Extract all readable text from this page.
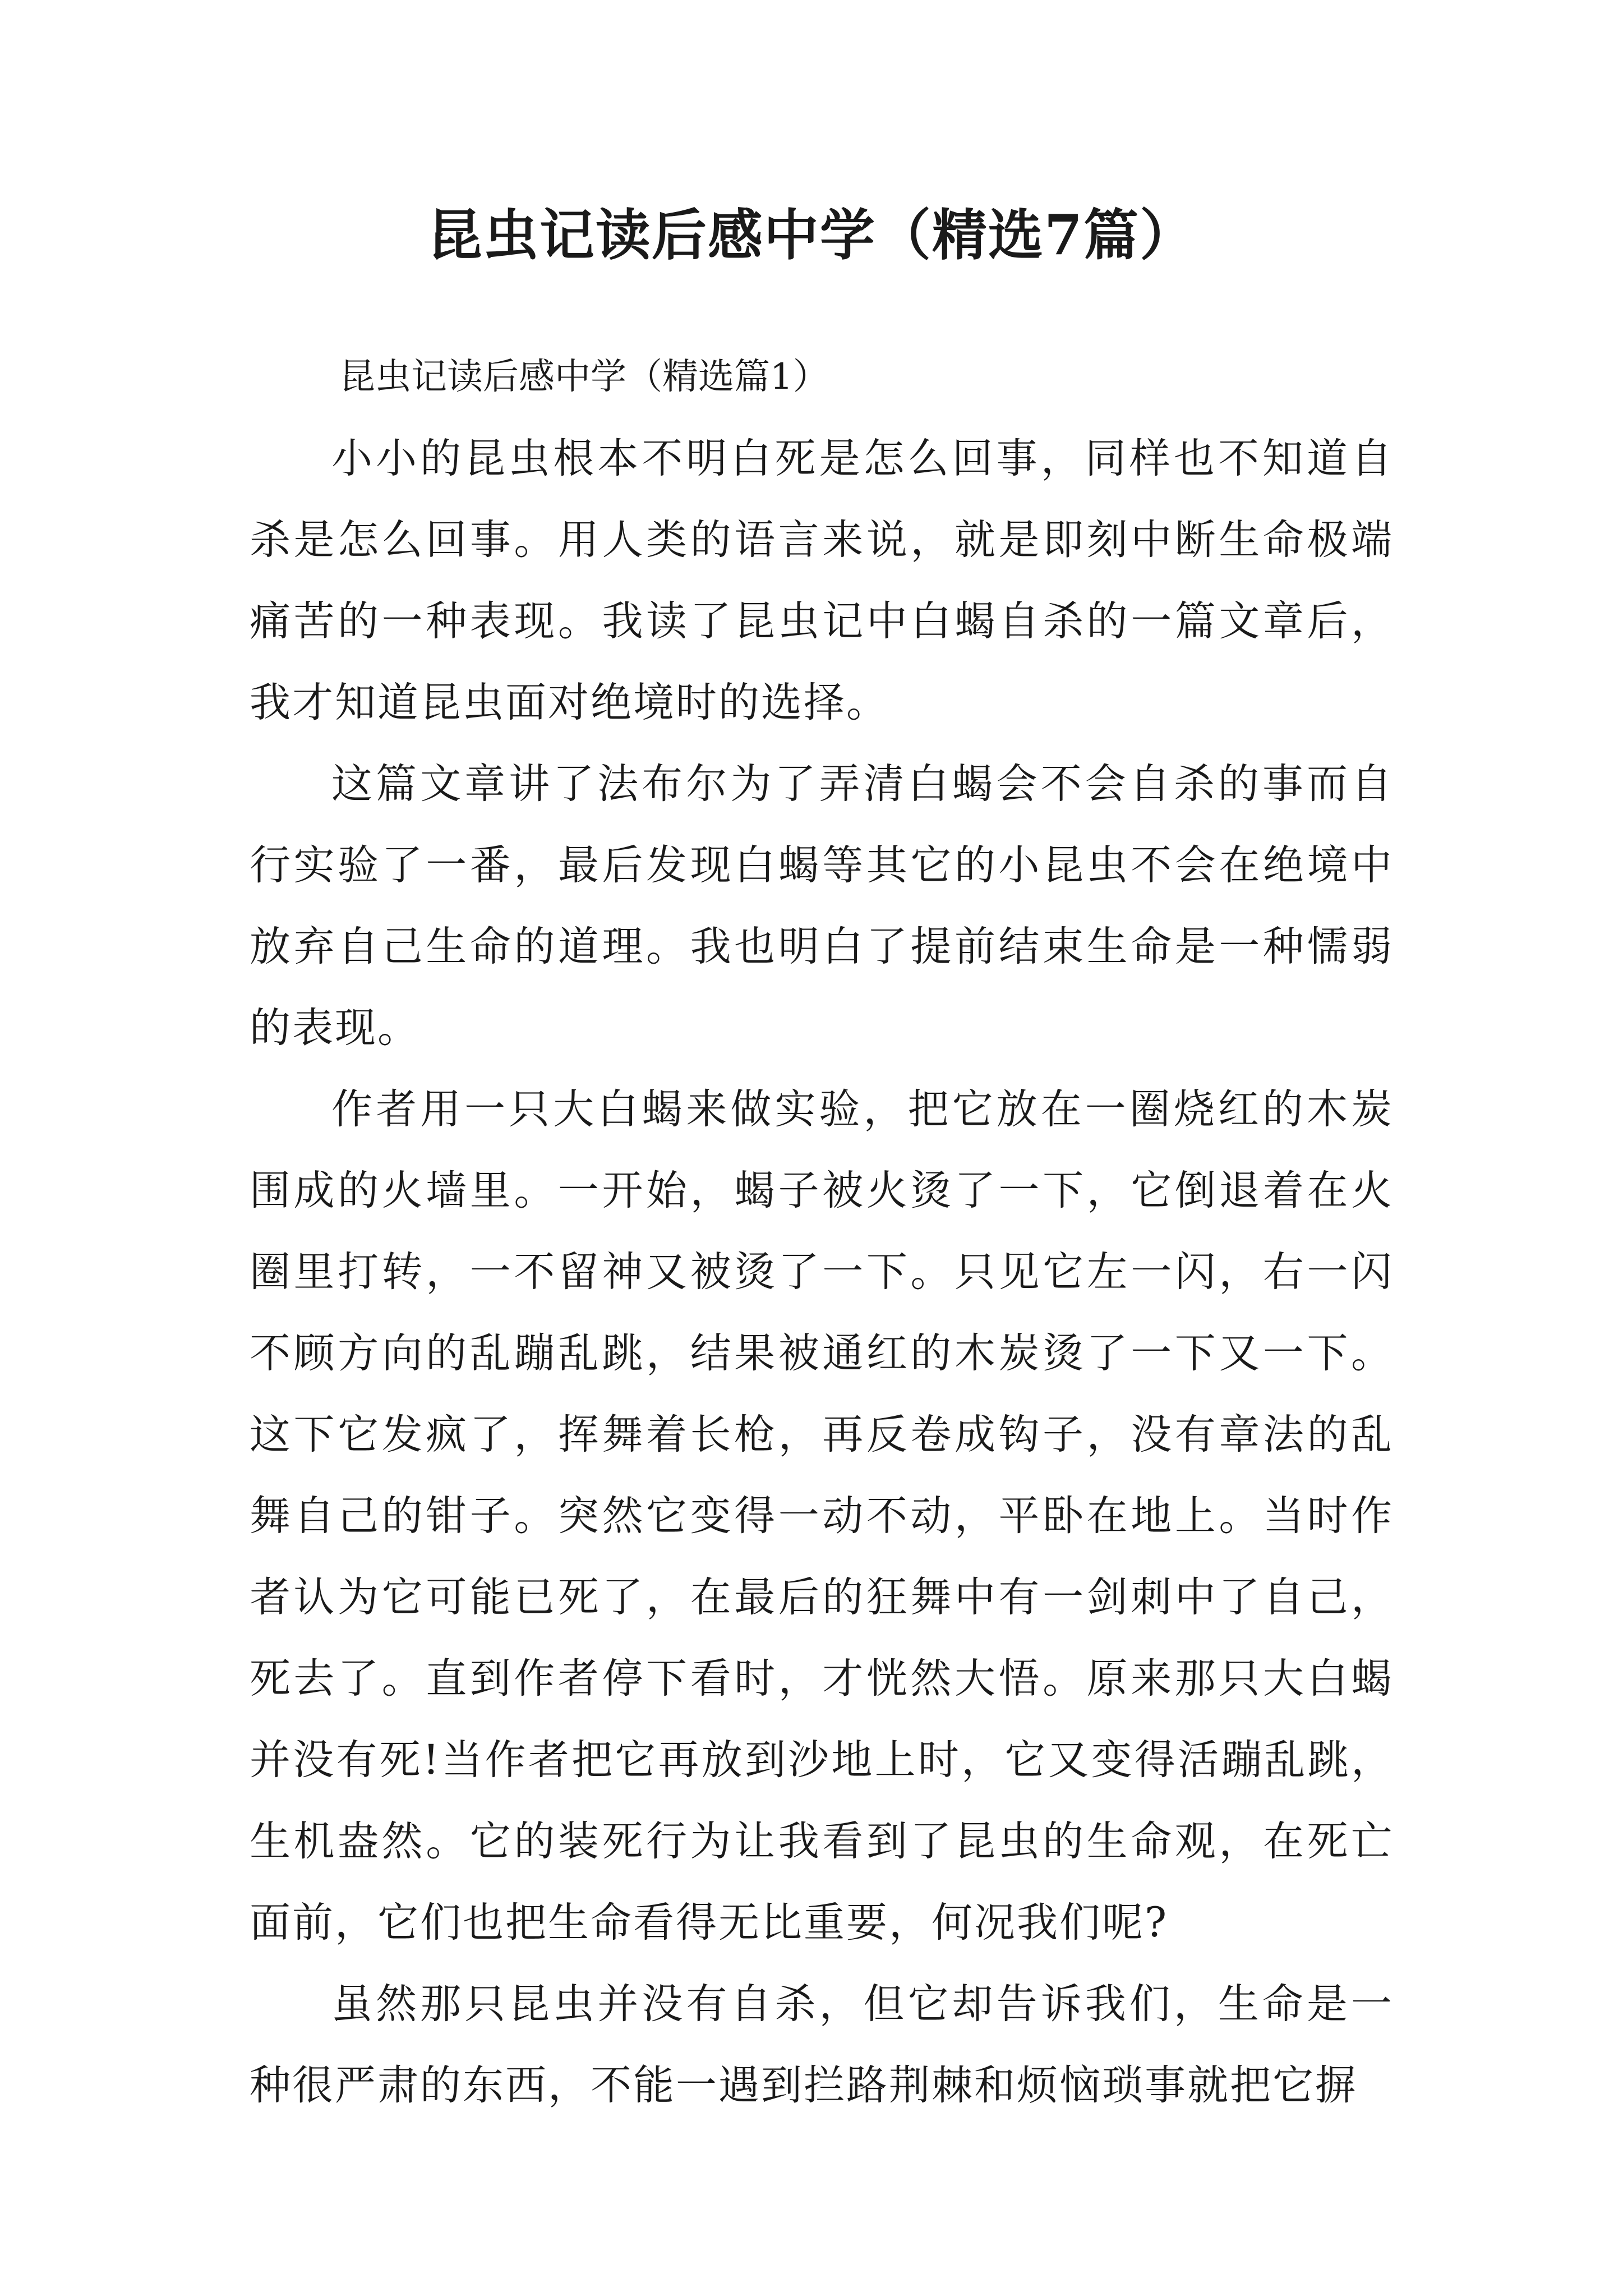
昆虫记读后感中学（精选7篇）

昆虫记读后感中学（精选篇1）

小小的昆虫根本不明白死是怎么回事，同样也不知道自杀是怎么回事。用人类的语言来说，就是即刻中断生命极端痛苦的一种表现。我读了昆虫记中白蝎自杀的一篇文章后，我才知道昆虫面对绝境时的选择。

这篇文章讲了法布尔为了弄清白蝎会不会自杀的事而自行实验了一番，最后发现白蝎等其它的小昆虫不会在绝境中放弃自己生命的道理。我也明白了提前结束生命是一种懦弱的表现。

作者用一只大白蝎来做实验，把它放在一圈烧红的木炭围成的火墙里。一开始，蝎子被火烫了一下，它倒退着在火圈里打转，一不留神又被烫了一下。只见它左一闪，右一闪不顾方向的乱蹦乱跳，结果被通红的木炭烫了一下又一下。这下它发疯了，挥舞着长枪，再反卷成钩子，没有章法的乱舞自己的钳子。突然它变得一动不动，平卧在地上。当时作者认为它可能已死了，在最后的狂舞中有一剑刺中了自己，死去了。直到作者停下看时，才恍然大悟。原来那只大白蝎并没有死!当作者把它再放到沙地上时，它又变得活蹦乱跳，生机盎然。它的装死行为让我看到了昆虫的生命观，在死亡面前，它们也把生命看得无比重要，何况我们呢?

虽然那只昆虫并没有自杀，但它却告诉我们，生命是一种很严肃的东西，不能一遇到拦路荆棘和烦恼琐事就把它摒
